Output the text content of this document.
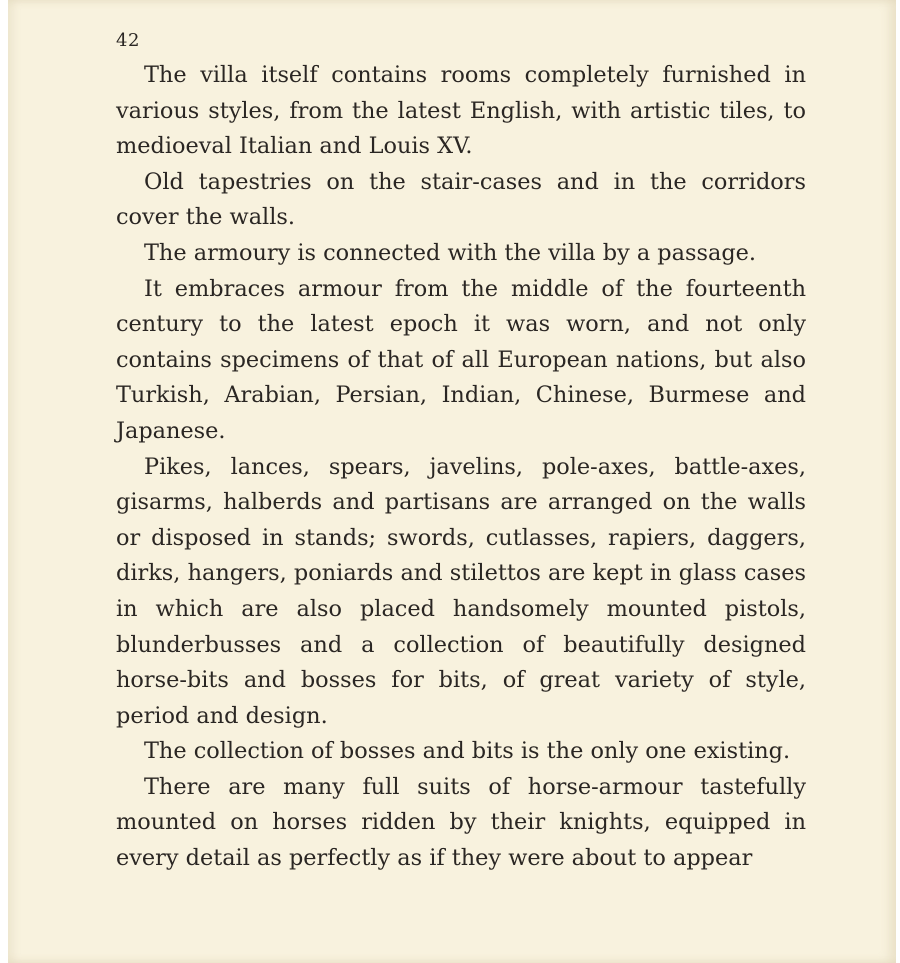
42

The villa itself contains rooms completely furnished in various styles, from the latest English, with artistic tiles, to medioeval Italian and Louis XV.

Old tapestries on the stair-cases and in the corridors cover the walls.

The armoury is connected with the villa by a passage.

It embraces armour from the middle of the fourteenth century to the latest epoch it was worn, and not only contains specimens of that of all European nations, but also Turkish, Arabian, Persian, Indian, Chinese, Burmese and Japanese.

Pikes, lances, spears, javelins, pole-axes, battle-axes, gisarms, halberds and partisans are arranged on the walls or disposed in stands; swords, cutlasses, rapiers, daggers, dirks, hangers, poniards and stilettos are kept in glass cases in which are also placed handsomely mounted pistols, blunderbusses and a collection of beautifully designed horse-bits and bosses for bits, of great variety of style, period and design.

The collection of bosses and bits is the only one existing.

There are many full suits of horse-armour tastefully mounted on horses ridden by their knights, equipped in every detail as perfectly as if they were about to appear
